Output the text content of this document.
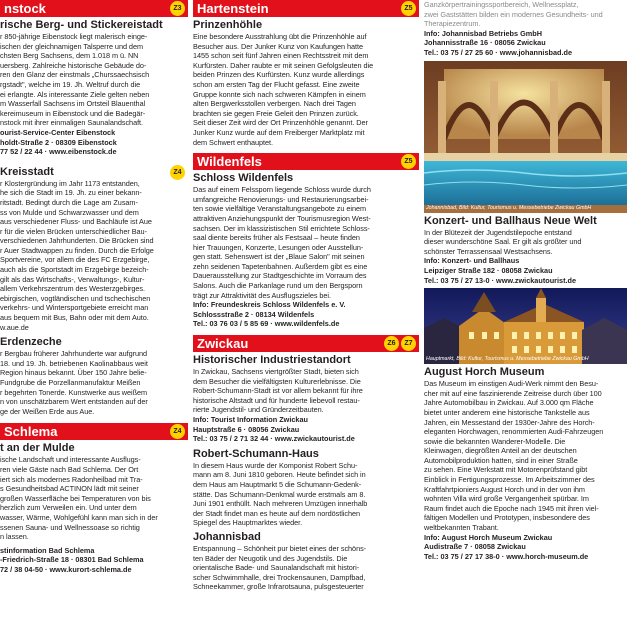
nstock	Z3
rische Berg- und Stickereistadt
r 850-jährige Eibenstock liegt malerisch einge-
ischen der gleichnamigen Talsperre und dem
chsten Berg Sachsens, dem 1.018 m ü. NN
uersberg. Zahlreiche historische Gebäude do-
ren den Glanz der einstmals „Churssaechsisch
rgstadt", welche im 19. Jh. Weltruf durch die
ei erlangte. Als interessante Ziele gelten neben
m Wasserfall Sachsens im Ortsteil Blauenthal
kereimuseum in Eibenstock und die Badegär-
nstock mit ihrer einmaligen Saunalandschaft.
ourist-Service-Center Eibenstock
holdt-Straße 2 · 08309 Eibenstock
77 52 / 22 44 · www.eibenstock.de
Kreisstadt	Z4
r Klostergründung im Jahr 1173 entstanden,
he sich die Stadt im 19. Jh. zu einer bekann-
ritstadt. Bedingt durch die Lage am Zusam-
ss von Mulde und Schwarzwasser und dem
aus verschiedener Fluss- und Bachläufe ist Aue
r für die vielen Brücken unterschiedlicher Bau-
verschiedenen Jahrhunderten. Die Brücken sind
r Auer Stadtwappen zu finden. Durch die Erfolge
Sportvereine, vor allem die des FC Erzgebirge,
auch als die Sportstadt im Erzgebirge bezeich-
gilt als das Wirtschafts-, Verwaltungs-, Kultur-
allem Verkehrszentrum des Westerzgebirges.
ebirgischen, vogtländischen und tschechischen
verkehrs- und Wintersportgebiete erreicht man
aus bequem mit Bus, Bahn oder mit dem Auto.
w.aue.de
Erdenzeche
r Bergbau früherer Jahrhunderte war aufgrund
18. und 19. Jh. betriebenen Kaolinabbaus weit
Region hinaus bekannt. Über 150 Jahre belie-
Fundgrube die Porzellanmanufaktur Meißen
r begehrten Tonerde. Kunstwerke aus weißem
n von unschätzbarem Wert entstanden auf der
ge der Weißen Erde aus Aue.
Schlema	Z4
t an der Mulde
ische Landschaft und interessante Ausflugs-
ren viele Gäste nach Bad Schlema. Der Ort
iert sich als modernes Radonheilbad mit Tra-
s Gesundheitsbad ACTINON lädt mit seiner
großen Wasserfläche bei Temperaturen von bis
herzlich zum Verweilen ein. Und unter dem
wasser, Wärme, Wohlgefühl kann man sich in der
ssenen Sauna- und Wellnessoase so richtig
n lassen.
stinformation Bad Schlema
-Friedrich-Straße 18 · 08301 Bad Schlema
72 / 38 04-50 · www.kurort-schlema.de
Hartenstein	Z5
Prinzenhöhle
Eine besondere Ausstrahlung übt die Prinzenhöhle auf
Besucher aus. Der Junker Kunz von Kaufungen hatte
1455 schon seit fünf Jahren einen Rechtsstreit mit dem
Kurfürsten. Daher raubte er mit seinen Gefolgsleuten die
beiden Prinzen des Kurfürsten. Kunz wurde allerdings
schon am ersten Tag der Flucht gefasst. Eine zweite
Gruppe konnte sich nach schweren Kämpfen in einem
alten Bergwerksstollen verbergen. Nach drei Tagen
brachten sie gegen Freie Geleit den Prinzen zurück.
Seit dieser Zeit wird der Ort Prinzenhöhle genannt. Der
Junker Kunz wurde auf dem Freiberger Marktplatz mit
dem Schwert enthauptet.
Wildenfels	Z5
Schloss Wildenfels
Das auf einem Felssporn liegende Schloss wurde durch
umfangreiche Renovierungs- und Restaurierungsarbei-
ten sowie vielfältige Veranstaltungsangebote zu einem
attraktiven Anziehungspunkt der Tourismusregion West-
sachsen. Der im klassizistischen Stil errichtete Schloss-
saal diente bereits früher als Festsaal – heute finden
hier Trauungen, Konzerte, Lesungen oder Ausstellun-
gen statt. Sehenswert ist der „Blaue Salon" mit seinen
zehn seidenen Tapetenbahnen. Außerdem gibt es eine
Dauerausstellung zur Stadtgeschichte im Vorraum des
Salons. Auch die Parkanlage rund um den Bergsporn
trägt zur Attraktivität des Ausflugszieles bei.
Info: Freundeskreis Schloss Wildenfels e. V.
Schlossstraße 2 · 08134 Wildenfels
Tel.: 03 76 03 / 5 85 69 · www.wildenfels.de
Zwickau	Z6	Z7
Historischer Industriestandort
In Zwickau, Sachsens viertgrößter Stadt, bieten sich
dem Besucher die vielfältigsten Kulturerlebnisse. Die
Robert-Schumann-Stadt ist vor allem bekannt für ihre
historische Altstadt und für hunderte liebevoll restau-
rierte Jugendstil- und Gründerzeitbauten.
Info: Tourist Information Zwickau
Hauptstraße 6 · 08056 Zwickau
Tel.: 03 75 / 2 71 32 44 · www.zwickautourist.de
Robert-Schumann-Haus
In diesem Haus wurde der Komponist Robert Schu-
mann am 8. Juni 1810 geboren. Heute befindet sich in
dem Haus am Hauptmarkt 5 die Schumann-Gedenk-
stätte. Das Schumann-Denkmal wurde erstmals am 8.
Juni 1901 enthüllt. Nach mehreren Umzügen innerhalb
der Stadt findet man es heute auf dem nordöstlichen
Spiegel des Hauptmarktes wieder.
Johannisbad
Entspannung – Schönheit pur bietet eines der schöns-
ten Bäder der Neugotik und des Jugendstils. Die
orientalische Bade- und Saunalandschaft mit histori-
scher Schwimmhalle, drei Trockensaunen, Dampfbad,
Schneekammer, große Infrarotsauna, pulsgesteuerter
Ganzkörpertrainingssportbereich, Wellnessplatz,
zwei Gaststätten bilden ein modernes Gesundheits- und
Therapiezentrum.
Info: Johannisbad Betriebs GmbH
Johannisstraße 16 · 08056 Zwickau
Tel.: 03 75 / 27 25 60 · www.johannisbad.de
Johannisbad, Bild: Kultur, Tourismus u. Messebetriebe Zwickau GmbH
Konzert- und Ballhaus Neue Welt
In der Blütezeit der Jugendstilepoche entstand
dieser wunderschöne Saal. Er gilt als größter und
schönster Terrassensaal Westsachsens.
Info: Konzert- und Ballhaus
Leipziger Straße 182 · 08058 Zwickau
Tel.: 03 75 / 27 13-0 · www.zwickautourist.de
Hauptmarkt, Bild: Kultur, Tourismus u. Messebetriebe Zwickau GmbH
August Horch Museum
Das Museum im einstigen Audi-Werk nimmt den Besu-
cher mit auf eine faszinierende Zeitreise durch über 100
Jahre Automobilbau in Zwickau. Auf 3.000 qm Fläche
bietet unter anderem eine historische Tankstelle aus
Jahren, ein Messestand der 1930er-Jahre des Horch-
eleganten Horchwagen, renommierten Audi-Fahrzeugen
sowie die bekannten Wanderer-Modelle. Die
Kleinwagen, diegrößten Anteil an der deutschen
Automobilproduktion hatten, sind in einer Straße
zu sehen. Eine Werkstatt mit Motorenprüfstand gibt
Einblick in Fertigungsprozesse. Im Arbeitszimmer des
Kraftfahrtpioniers August Horch und in der von ihm
wohnten Villa wird große Vergangenheit spürbar. Im
Raum findet auch die Epoche nach 1945 mit ihren viel-
fältigen Modellen und Prototypen, insbesondere des
weltbekannten Trabant.
Info: August Horch Museum Zwickau
Audistraße 7 · 08058 Zwickau
Tel.: 03 75 / 27 17 38-0 · www.horch-museum.de
